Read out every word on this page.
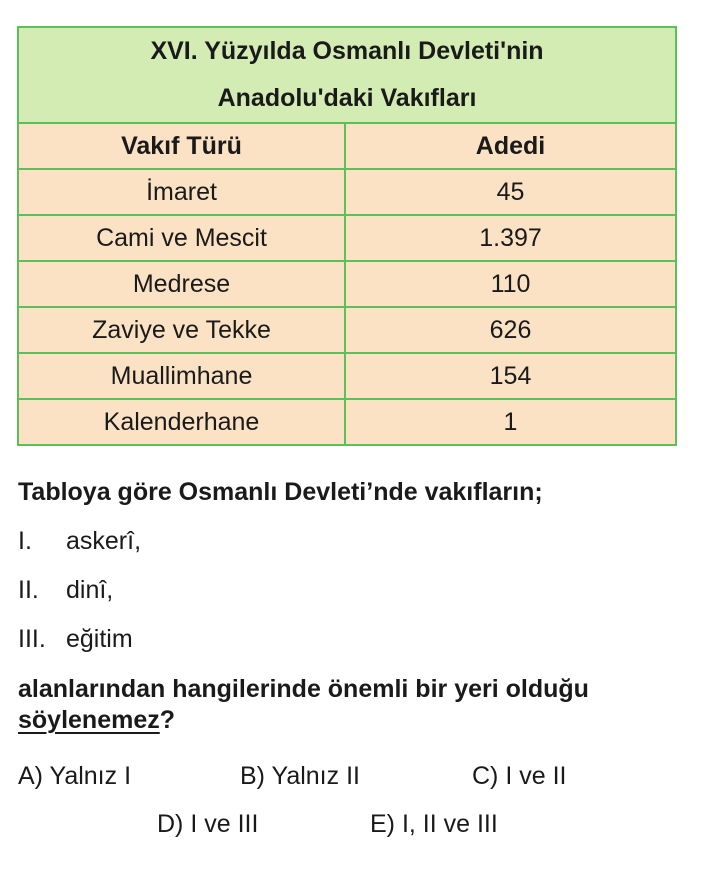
XVI. Yüzyılda Osmanlı Devleti'nin
Anadolu'daki Vakıfları	

Vakıf Türü	Adedi
İmaret	45
Cami ve Mescit	1.397
Medrese	110
Zaviye ve Tekke	626
Muallimhane	154
Kalenderhane	1
Tabloya göre Osmanlı Devleti’nde vakıfların;
I. askerî,
II. dinî,
III. eğitim
alanlarından hangilerinde önemli bir yeri olduğu söylenemez?
A) Yalnız I	B) Yalnız II	C) I ve II
D) I ve III	E) I, II ve III
